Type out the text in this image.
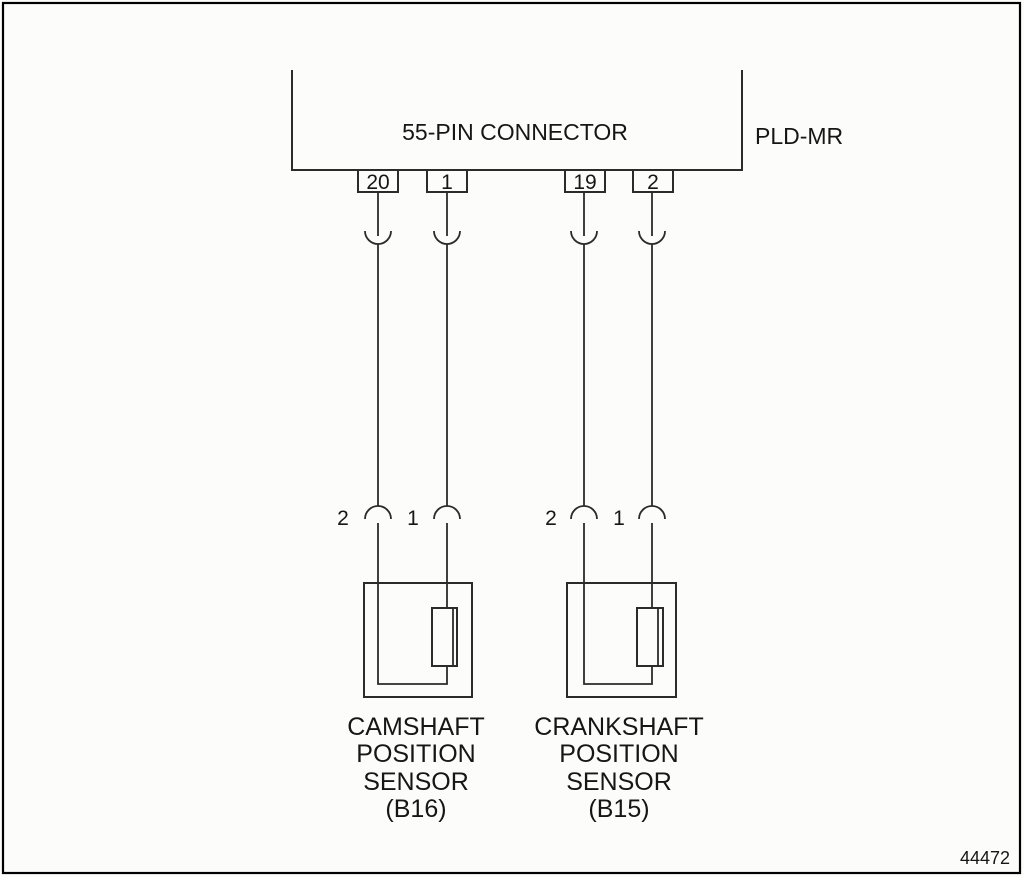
55-PIN CONNECTOR	PLD-MR
20 1	19 2
2	1	2	1
CAMSHAFT
POSITION
SENSOR
(B16)
CRANKSHAFT
POSITION
SENSOR
(B15)
44472
